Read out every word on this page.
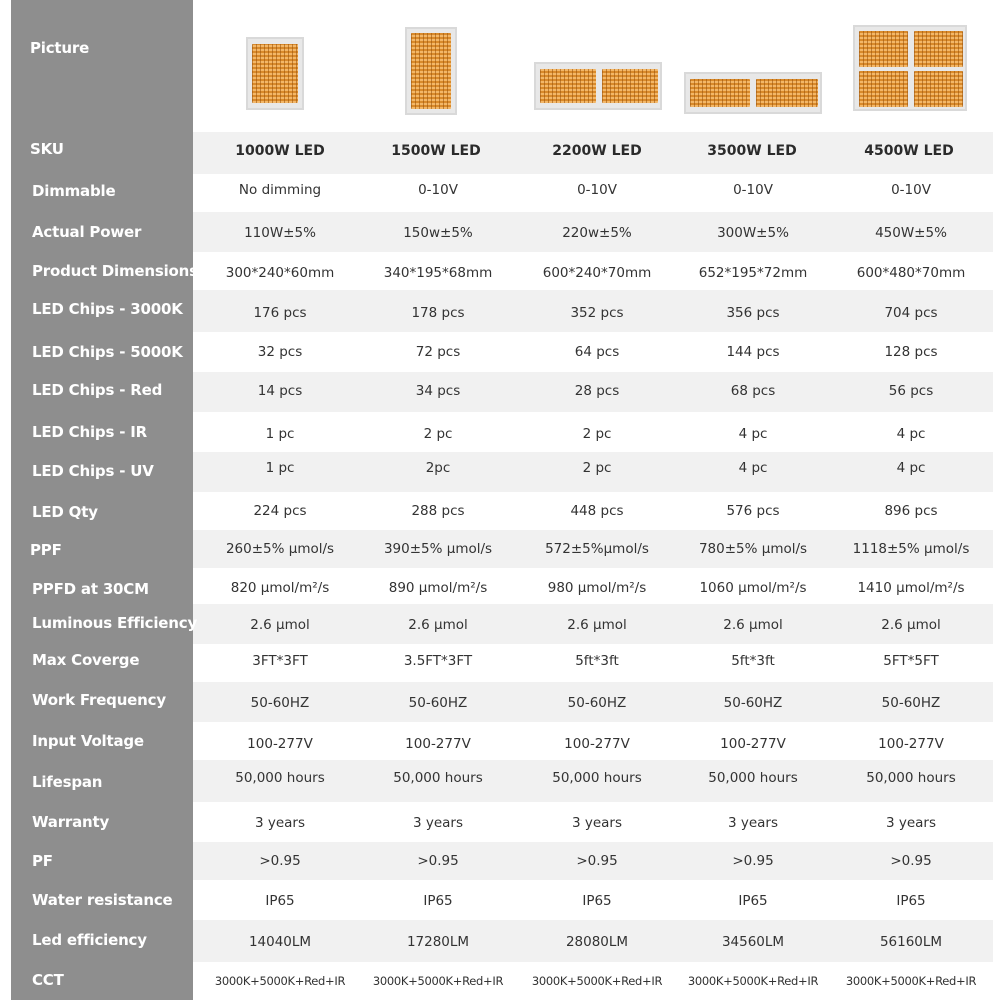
Picture
SKU
Dimmable
Actual Power
Product Dimensions
LED Chips - 3000K
LED Chips - 5000K
LED Chips - Red
LED Chips - IR
LED Chips - UV
LED Qty
PPF
PPFD at 30CM
Luminous Efficiency
Max Coverge
Work Frequency
Input Voltage
Lifespan
Warranty
PF
Water resistance
Led efficiency
CCT
1000W LED
No dimming
110W±5%
300*240*60mm
176 pcs
32 pcs
14 pcs
1 pc
1 pc
224 pcs
260±5% μmol/s
820 μmol/m²/s
2.6 μmol
3FT*3FT
50-60HZ
100-277V
50,000 hours
3 years
>0.95
IP65
14040LM
3000K+5000K+Red+IR
1500W LED
0-10V
150w±5%
340*195*68mm
178 pcs
72 pcs
34 pcs
2 pc
2pc
288 pcs
390±5% μmol/s
890 μmol/m²/s
2.6 μmol
3.5FT*3FT
50-60HZ
100-277V
50,000 hours
3 years
>0.95
IP65
17280LM
3000K+5000K+Red+IR
2200W LED
0-10V
220w±5%
600*240*70mm
352 pcs
64 pcs
28 pcs
2 pc
2 pc
448 pcs
572±5%μmol/s
980 μmol/m²/s
2.6 μmol
5ft*3ft
50-60HZ
100-277V
50,000 hours
3 years
>0.95
IP65
28080LM
3000K+5000K+Red+IR
3500W LED
0-10V
300W±5%
652*195*72mm
356 pcs
144 pcs
68 pcs
4 pc
4 pc
576 pcs
780±5% μmol/s
1060 μmol/m²/s
2.6 μmol
5ft*3ft
50-60HZ
100-277V
50,000 hours
3 years
>0.95
IP65
34560LM
3000K+5000K+Red+IR
4500W LED
0-10V
450W±5%
600*480*70mm
704 pcs
128 pcs
56 pcs
4 pc
4 pc
896 pcs
1118±5% μmol/s
1410 μmol/m²/s
2.6 μmol
5FT*5FT
50-60HZ
100-277V
50,000 hours
3 years
>0.95
IP65
56160LM
3000K+5000K+Red+IR
